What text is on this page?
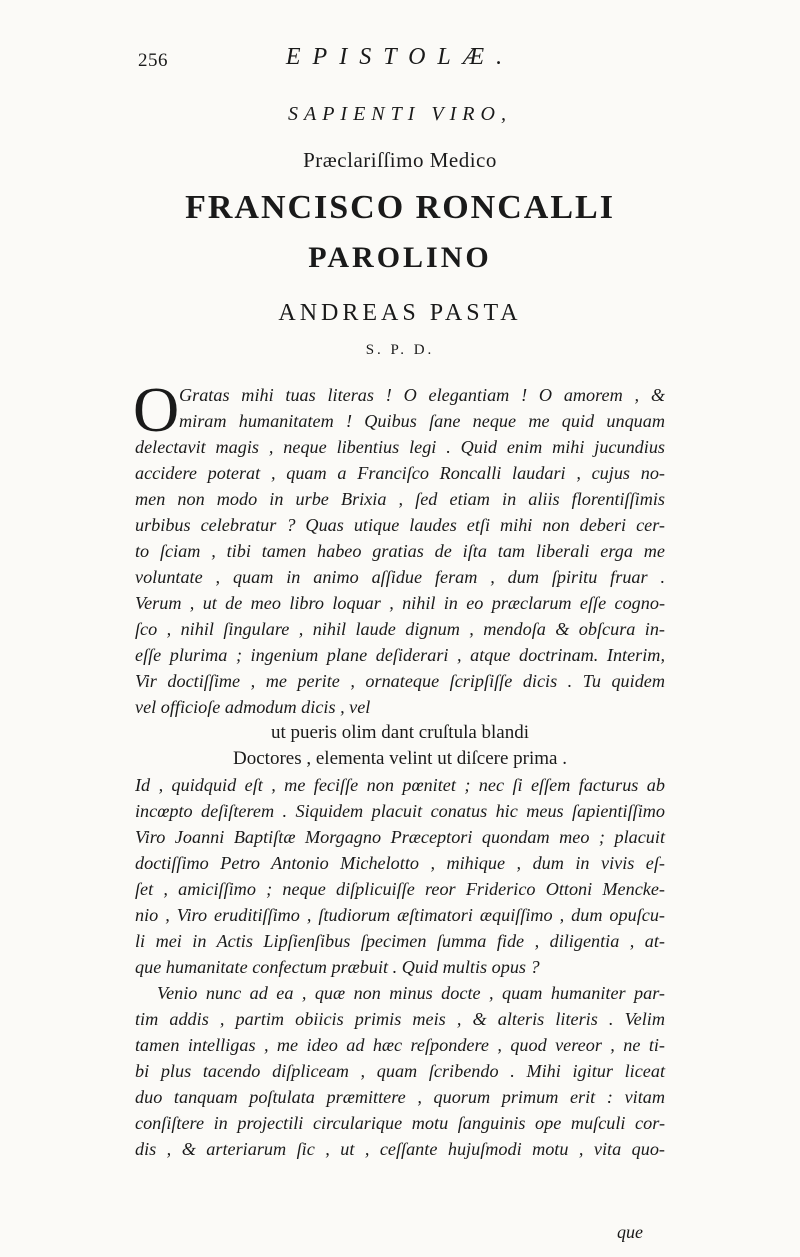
256	EPISTOLÆ.
SAPIENTI VIRO,
Præclariſſimo Medico
FRANCISCO RONCALLI
PAROLINO
ANDREAS PASTA
S. P. D.
O Gratas mihi tuas literas ! O elegantiam ! O amorem , &
miram humanitatem ! Quibus ſane neque me quid unquam
delectavit magis , neque libentius legi . Quid enim mihi jucundius
accidere poterat , quam a Franciſco Roncalli laudari , cujus no-
men non modo in urbe Brixia , ſed etiam in aliis florentiſſimis
urbibus celebratur ? Quas utique laudes etſi mihi non deberi cer-
to ſciam , tibi tamen habeo gratias de iſta tam liberali erga me
voluntate , quam in animo aſſidue feram , dum ſpiritu fruar .
Verum , ut de meo libro loquar , nihil in eo præclarum eſſe cogno-
ſco , nihil ſingulare , nihil laude dignum , mendoſa & obſcura in-
eſſe plurima ; ingenium plane deſiderari , atque doctrinam. Interim,
Vir doctiſſime , me perite , ornateque ſcripſiſſe dicis . Tu quidem
vel officioſe admodum dicis , vel
ut pueris olim dant cruſtula blandi
Doctores , elementa velint ut diſcere prima .
Id , quidquid eſt , me feciſſe non pœnitet ; nec ſi eſſem facturus ab
incœpto deſiſterem . Siquidem placuit conatus hic meus ſapientiſſimo
Viro Joanni Baptiſtæ Morgagno Præceptori quondam meo ; placuit
doctiſſimo Petro Antonio Michelotto , mihique , dum in vivis eſ-
ſet , amiciſſimo ; neque diſplicuiſſe reor Friderico Ottoni Mencke-
nio , Viro eruditiſſimo , ſtudiorum æſtimatori æquiſſimo , dum opuſcu-
li mei in Actis Lipſienſibus ſpecimen ſumma fide , diligentia , at-
que humanitate confectum præbuit . Quid multis opus ?
Venio nunc ad ea , quæ non minus docte , quam humaniter par-
tim addis , partim obiicis primis meis , & alteris literis . Velim
tamen intelligas , me ideo ad hæc reſpondere , quod vereor , ne ti-
bi plus tacendo diſpliceam , quam ſcribendo . Mihi igitur liceat
duo tanquam poſtulata præmittere , quorum primum erit : vitam
conſiſtere in projectili circularique motu ſanguinis ope muſculi cor-
dis , & arteriarum ſic , ut , ceſſante hujuſmodi motu , vita quo-
que
